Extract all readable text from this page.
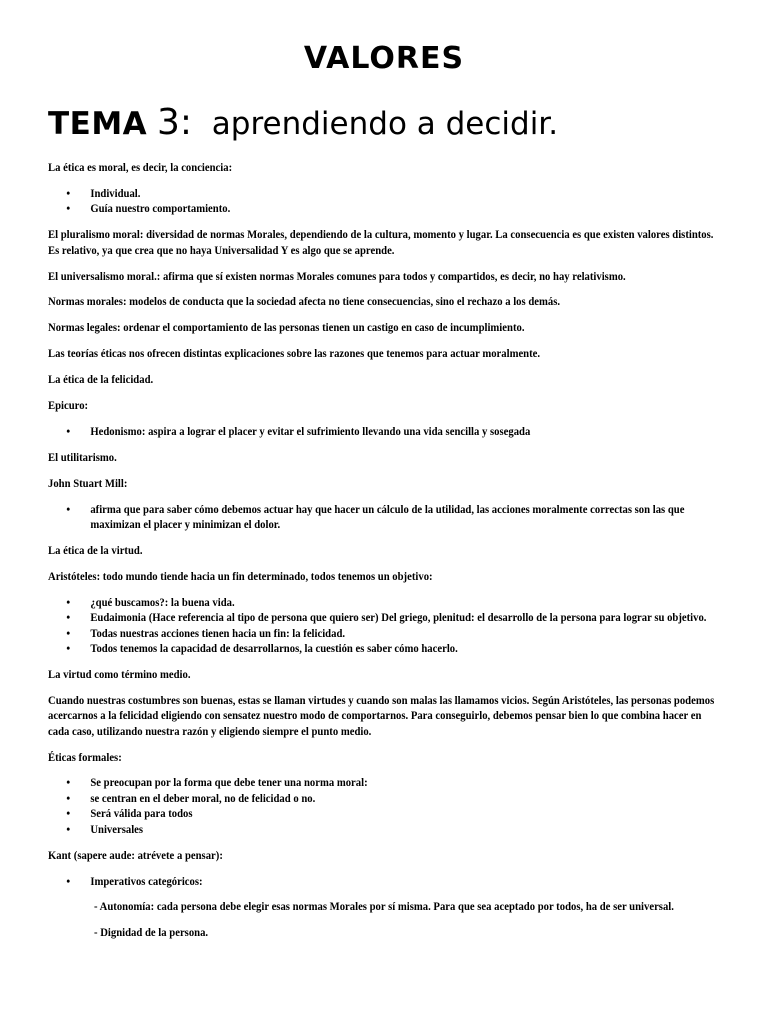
VALORES
TEMA 3: aprendiendo a decidir.

La ética es moral, es decir, la conciencia:

• Individual.
• Guía nuestro comportamiento.

El pluralismo moral: diversidad de normas Morales, dependiendo de la cultura, momento y lugar. La consecuencia es que existen valores distintos. Es relativo, ya que crea que no haya Universalidad Y es algo que se aprende.

El universalismo moral.: afirma que sí existen normas Morales comunes para todos y compartidos, es decir, no hay relativismo.

Normas morales: modelos de conducta que la sociedad afecta no tiene consecuencias, sino el rechazo a los demás.

Normas legales: ordenar el comportamiento de las personas tienen un castigo en caso de incumplimiento.

Las teorías éticas nos ofrecen distintas explicaciones sobre las razones que tenemos para actuar moralmente.

La ética de la felicidad.

Epicuro:

• Hedonismo: aspira a lograr el placer y evitar el sufrimiento llevando una vida sencilla y sosegada

El utilitarismo.

John Stuart Mill:

• afirma que para saber cómo debemos actuar hay que hacer un cálculo de la utilidad, las acciones moralmente correctas son las que maximizan el placer y minimizan el dolor.

La ética de la virtud.

Aristóteles: todo mundo tiende hacia un fin determinado, todos tenemos un objetivo:

• ¿qué buscamos?: la buena vida.
• Eudaimonia (Hace referencia al tipo de persona que quiero ser) Del griego, plenitud: el desarrollo de la persona para lograr su objetivo.
• Todas nuestras acciones tienen hacia un fin: la felicidad.
• Todos tenemos la capacidad de desarrollarnos, la cuestión es saber cómo hacerlo.

La virtud como término medio.

Cuando nuestras costumbres son buenas, estas se llaman virtudes y cuando son malas las llamamos vicios. Según Aristóteles, las personas podemos acercarnos a la felicidad eligiendo con sensatez nuestro modo de comportarnos. Para conseguirlo, debemos pensar bien lo que combina hacer en cada caso, utilizando nuestra razón y eligiendo siempre el punto medio.

Éticas formales:

• Se preocupan por la forma que debe tener una norma moral:
• se centran en el deber moral, no de felicidad o no.
• Será válida para todos
• Universales

Kant (sapere aude: atrévete a pensar):

• Imperativos categóricos:

- Autonomía: cada persona debe elegir esas normas Morales por sí misma. Para que sea aceptado por todos, ha de ser universal.

- Dignidad de la persona.
